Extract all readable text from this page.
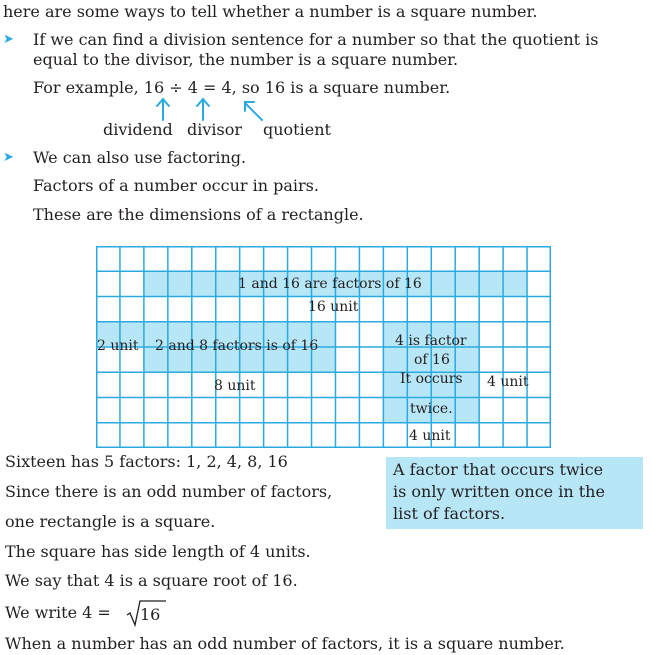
here are some ways to tell whether a number is a square number.
➤ If we can find a division sentence for a number so that the quotient is
equal to the divisor, the number is a square number.
For example, 16 ÷ 4 = 4, so 16 is a square number.
dividend divisor quotient
➤ We can also use factoring.
Factors of a number occur in pairs.
These are the dimensions of a rectangle.
1 and 16 are factors of 16
16 unit
2 unit 2 and 8 factors is of 16
8 unit
4 is factor
of 16
It occurs 4 unit
twice.
4 unit
Sixteen has 5 factors: 1, 2, 4, 8, 16
Since there is an odd number of factors,
one rectangle is a square.
The square has side length of 4 units.
We say that 4 is a square root of 16.
We write 4 = 16
When a number has an odd number of factors, it is a square number.
A factor that occurs twice
is only written once in the
list of factors.
